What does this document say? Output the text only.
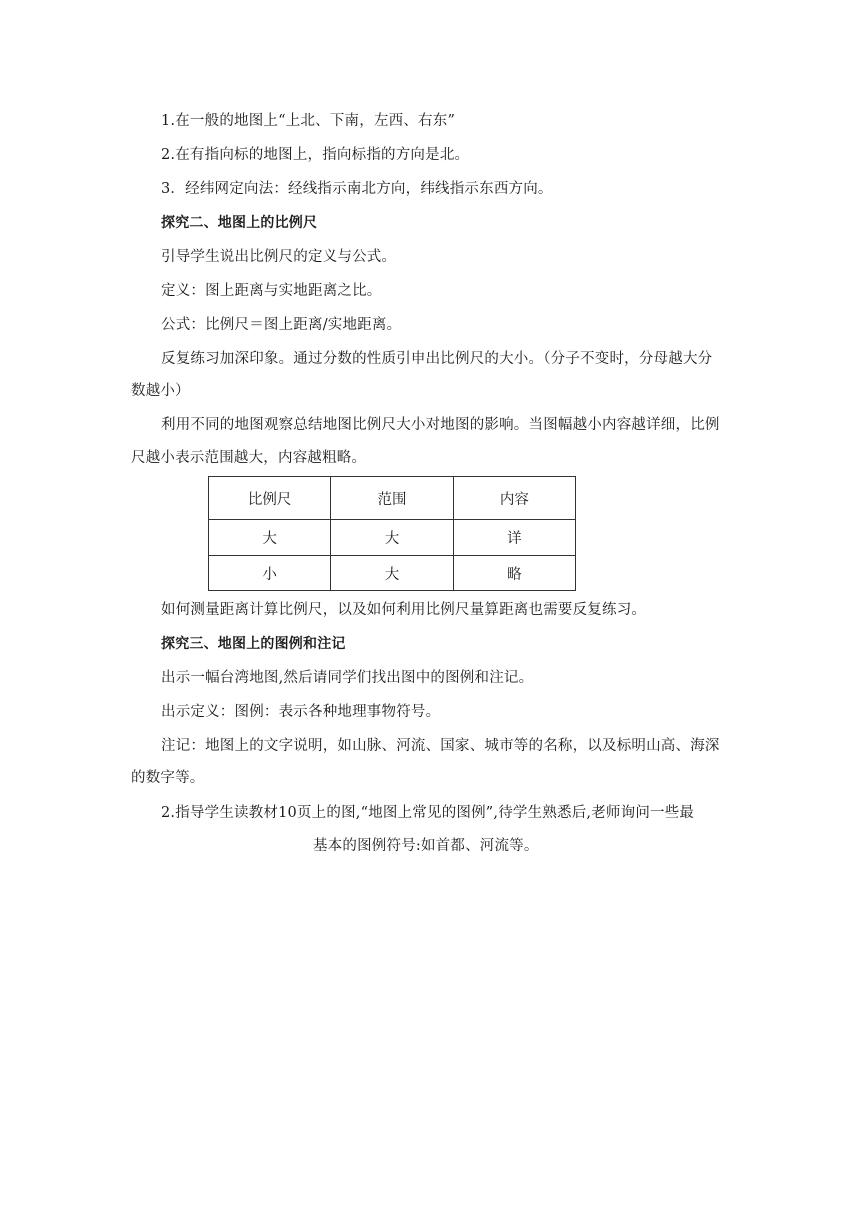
1.在一般的地图上“上北、下南，左西、右东”
2.在有指向标的地图上，指向标指的方向是北。
3．经纬网定向法：经线指示南北方向，纬线指示东西方向。
探究二、地图上的比例尺
引导学生说出比例尺的定义与公式。
定义：图上距离与实地距离之比。
公式：比例尺＝图上距离/实地距离。
反复练习加深印象。通过分数的性质引申出比例尺的大小。（分子不变时，分母越大分
数越小）
利用不同的地图观察总结地图比例尺大小对地图的影响。当图幅越小内容越详细，比例
尺越小表示范围越大，内容越粗略。
比例尺	范围	内容
大	大	详
小	大	略
如何测量距离计算比例尺，以及如何利用比例尺量算距离也需要反复练习。
探究三、地图上的图例和注记
出示一幅台湾地图,然后请同学们找出图中的图例和注记。
出示定义：图例：表示各种地理事物符号。
注记：地图上的文字说明，如山脉、河流、国家、城市等的名称，以及标明山高、海深
的数字等。
2.指导学生读教材10页上的图,“地图上常见的图例”,待学生熟悉后,老师询问一些最
基本的图例符号:如首都、河流等。
